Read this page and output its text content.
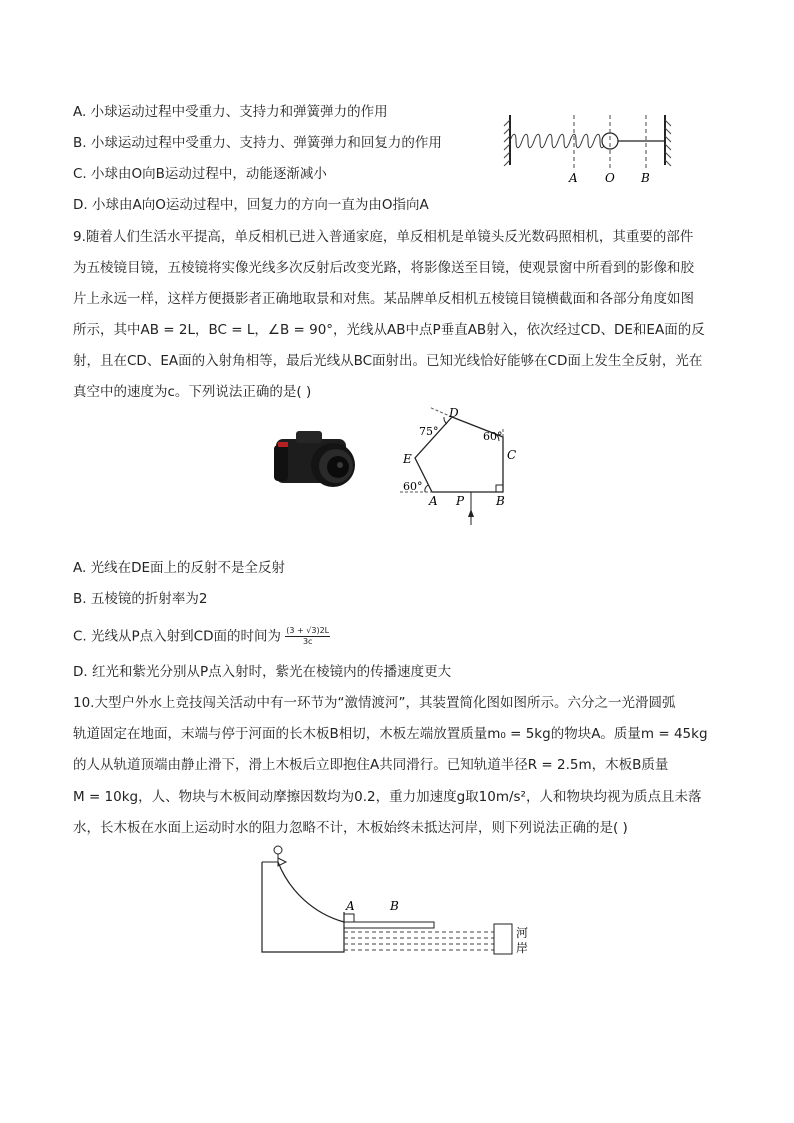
A. 小球运动过程中受重力、支持力和弹簧弹力的作用
B. 小球运动过程中受重力、支持力、弹簧弹力和回复力的作用
C. 小球由O向B运动过程中，动能逐渐减小
D. 小球由A向O运动过程中，回复力的方向一直为由O指向A
A O B
9.随着人们生活水平提高，单反相机已进入普通家庭，单反相机是单镜头反光数码照相机，其重要的部件
为五棱镜目镜，五棱镜将实像光线多次反射后改变光路，将影像送至目镜，使观景窗中所看到的影像和胶
片上永远一样，这样方便摄影者正确地取景和对焦。某品牌单反相机五棱镜目镜横截面和各部分角度如图
所示，其中AB = 2L，BC = L，∠B = 90°，光线从AB中点P垂直AB射入，依次经过CD、DE和EA面的反
射，且在CD、EA面的入射角相等，最后光线从BC面射出。已知光线恰好能够在CD面上发生全反射，光在
真空中的速度为c。下列说法正确的是( )
D
C
E
A P	B
75°	60°
60°
A. 光线在DE面上的反射不是全反射
B. 五棱镜的折射率为2
C. 光线从P点入射到CD面的时间为 $\frac{(3 + √3)2L}{3c}$
D. 红光和紫光分别从P点入射时，紫光在棱镜内的传播速度更大
10.大型户外水上竞技闯关活动中有一环节为“激情渡河”，其装置简化图如图所示。六分之一光滑圆弧
轨道固定在地面，末端与停于河面的长木板B相切，木板左端放置质量m₀ = 5kg的物块A。质量m = 45kg
的人从轨道顶端由静止滑下，滑上木板后立即抱住A共同滑行。已知轨道半径R = 2.5m，木板B质量
M = 10kg，人、物块与木板间动摩擦因数均为0.2，重力加速度g取10m/s²，人和物块均视为质点且未落
水，长木板在水面上运动时水的阻力忽略不计，木板始终未抵达河岸，则下列说法正确的是( )
A	B
河
岸
